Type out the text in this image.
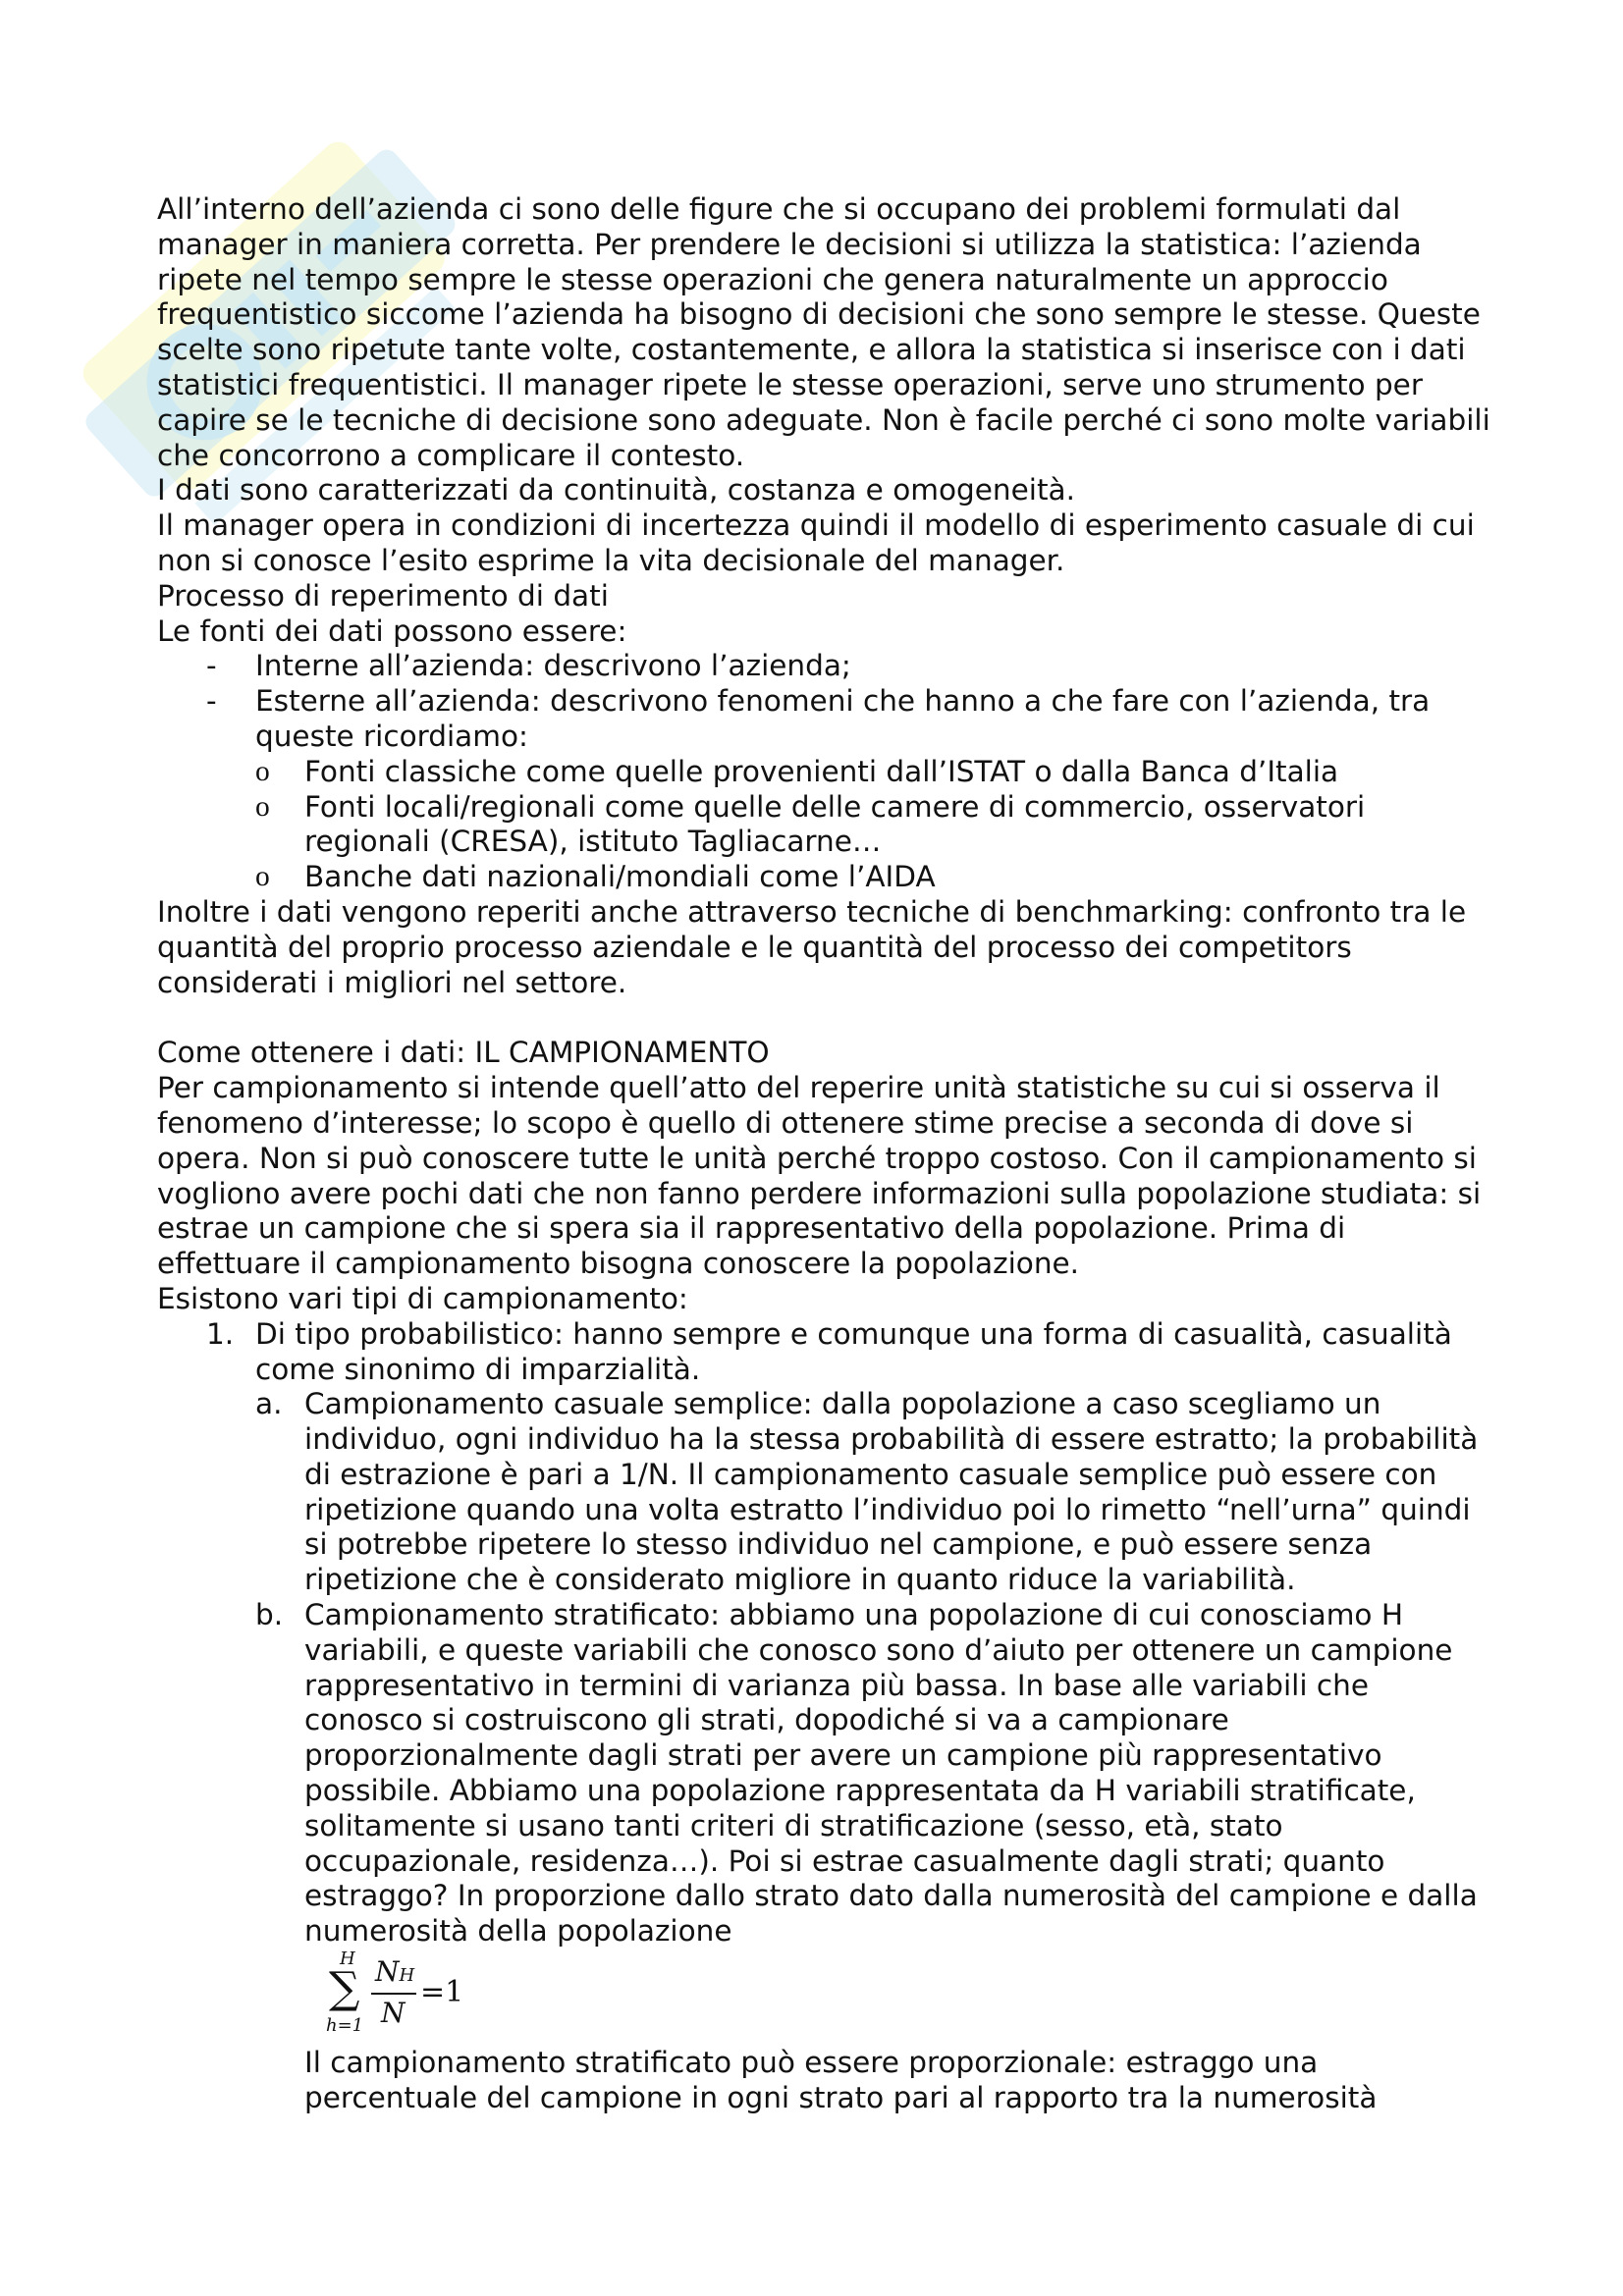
All’interno dell’azienda ci sono delle figure che si occupano dei problemi formulati dal manager in maniera corretta. Per prendere le decisioni si utilizza la statistica: l’azienda ripete nel tempo sempre le stesse operazioni che genera naturalmente un approccio frequentistico siccome l’azienda ha bisogno di decisioni che sono sempre le stesse. Queste scelte sono ripetute tante volte, costantemente, e allora la statistica si inserisce con i dati statistici frequentistici. Il manager ripete le stesse operazioni, serve uno strumento per capire se le tecniche di decisione sono adeguate. Non è facile perché ci sono molte variabili che concorrono a complicare il contesto.

I dati sono caratterizzati da continuità, costanza e omogeneità.

Il manager opera in condizioni di incertezza quindi il modello di esperimento casuale di cui non si conosce l’esito esprime la vita decisionale del manager.

Processo di reperimento di dati

Le fonti dei dati possono essere:

- Interne all’azienda: descrivono l’azienda;
- Esterne all’azienda: descrivono fenomeni che hanno a che fare con l’azienda, tra queste ricordiamo:
o Fonti classiche come quelle provenienti dall’ISTAT o dalla Banca d’Italia
o Fonti locali/regionali come quelle delle camere di commercio, osservatori regionali (CRESA), istituto Tagliacarne…
o Banche dati nazionali/mondiali come l’AIDA

Inoltre i dati vengono reperiti anche attraverso tecniche di benchmarking: confronto tra le quantità del proprio processo aziendale e le quantità del processo dei competitors considerati i migliori nel settore.

Come ottenere i dati: IL CAMPIONAMENTO

Per campionamento si intende quell’atto del reperire unità statistiche su cui si osserva il fenomeno d’interesse; lo scopo è quello di ottenere stime precise a seconda di dove si opera. Non si può conoscere tutte le unità perché troppo costoso. Con il campionamento si vogliono avere pochi dati che non fanno perdere informazioni sulla popolazione studiata: si estrae un campione che si spera sia il rappresentativo della popolazione. Prima di effettuare il campionamento bisogna conoscere la popolazione.

Esistono vari tipi di campionamento:

1. Di tipo probabilistico: hanno sempre e comunque una forma di casualità, casualità come sinonimo di imparzialità.
a. Campionamento casuale semplice: dalla popolazione a caso scegliamo un individuo, ogni individuo ha la stessa probabilità di essere estratto; la probabilità di estrazione è pari a 1/N. Il campionamento casuale semplice può essere con ripetizione quando una volta estratto l’individuo poi lo rimetto “nell’urna” quindi si potrebbe ripetere lo stesso individuo nel campione, e può essere senza ripetizione che è considerato migliore in quanto riduce la variabilità.
b. Campionamento stratificato: abbiamo una popolazione di cui conosciamo H variabili, e queste variabili che conosco sono d’aiuto per ottenere un campione rappresentativo in termini di varianza più bassa. In base alle variabili che conosco si costruiscono gli strati, dopodiché si va a campionare proporzionalmente dagli strati per avere un campione più rappresentativo possibile. Abbiamo una popolazione rappresentata da H variabili stratificate, solitamente si usano tanti criteri di stratificazione (sesso, età, stato occupazionale, residenza…). Poi si estrae casualmente dagli strati; quanto estraggo? In proporzione dallo strato dato dalla numerosità del campione e dalla numerosità della popolazione
H
∑
h=1
NH
N
=1
Il campionamento stratificato può essere proporzionale: estraggo una percentuale del campione in ogni strato pari al rapporto tra la numerosità
